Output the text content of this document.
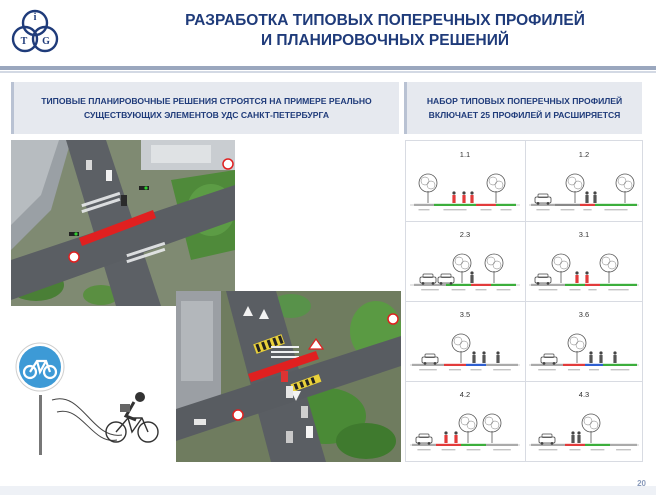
i
T G
РАЗРАБОТКА ТИПОВЫХ ПОПЕРЕЧНЫХ ПРОФИЛЕЙ
И ПЛАНИРОВОЧНЫХ РЕШЕНИЙ
ТИПОВЫЕ ПЛАНИРОВОЧНЫЕ РЕШЕНИЯ СТРОЯТСЯ НА ПРИМЕРЕ РЕАЛЬНО
СУЩЕСТВУЮЩИХ ЭЛЕМЕНТОВ УДС САНКТ-ПЕТЕРБУРГА
НАБОР ТИПОВЫХ ПОПЕРЕЧНЫХ ПРОФИЛЕЙ
ВКЛЮЧАЕТ 25 ПРОФИЛЕЙ И РАСШИРЯЕТСЯ
1.1	1.2
2.3	3.1
3.5	3.6
4.2	4.3
20
